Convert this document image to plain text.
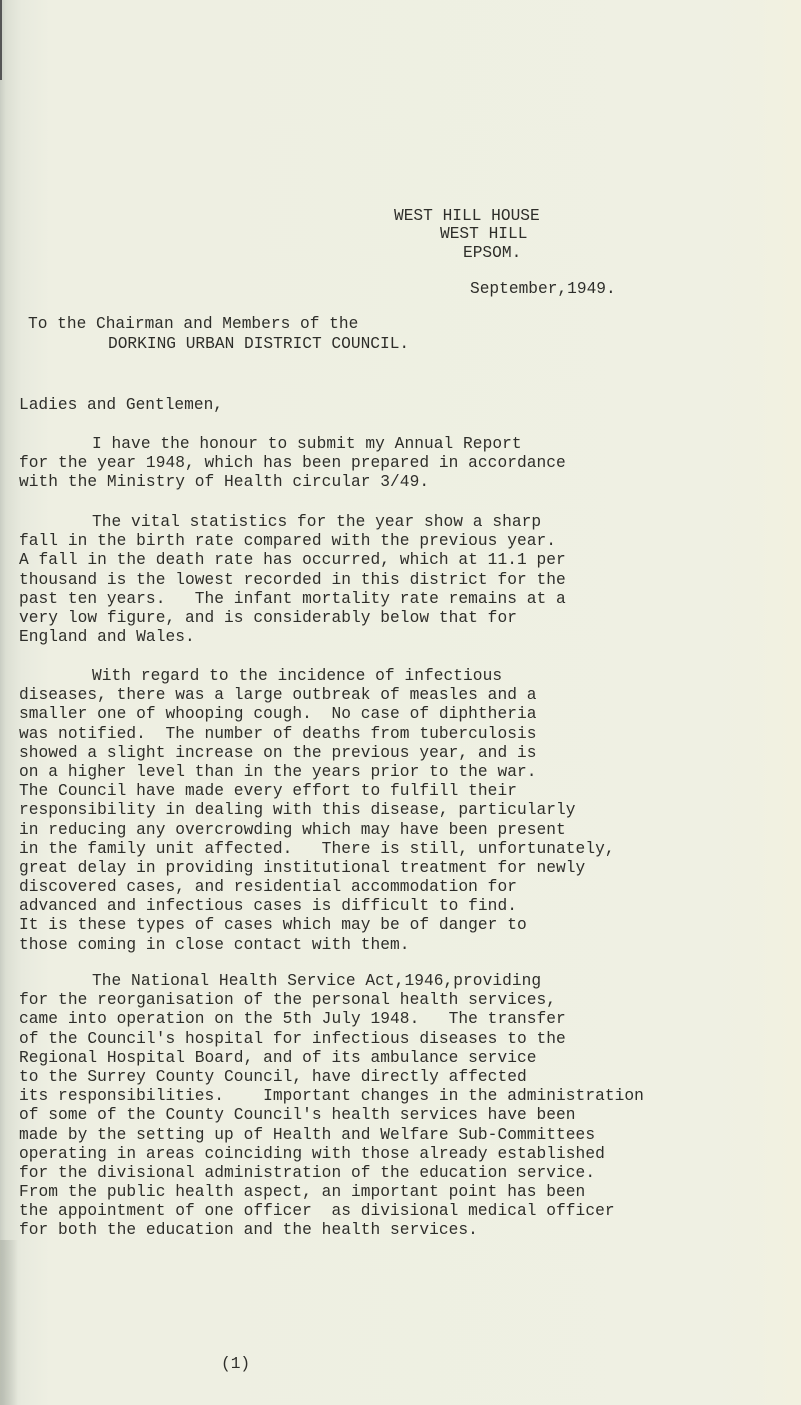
WEST HILL HOUSE
WEST HILL
EPSOM.
September,1949.
To the Chairman and Members of the
DORKING URBAN DISTRICT COUNCIL.
Ladies and Gentlemen,
I have the honour to submit my Annual Report
for the year 1948, which has been prepared in accordance
with the Ministry of Health circular 3/49.
The vital statistics for the year show a sharp
fall in the birth rate compared with the previous year.
A fall in the death rate has occurred, which at 11.1 per
thousand is the lowest recorded in this district for the
past ten years.   The infant mortality rate remains at a
very low figure, and is considerably below that for
England and Wales.
With regard to the incidence of infectious
diseases, there was a large outbreak of measles and a
smaller one of whooping cough.  No case of diphtheria
was notified.  The number of deaths from tuberculosis
showed a slight increase on the previous year, and is
on a higher level than in the years prior to the war.
The Council have made every effort to fulfill their
responsibility in dealing with this disease, particularly
in reducing any overcrowding which may have been present
in the family unit affected.   There is still, unfortunately,
great delay in providing institutional treatment for newly
discovered cases, and residential accommodation for
advanced and infectious cases is difficult to find.
It is these types of cases which may be of danger to
those coming in close contact with them.
The National Health Service Act,1946,providing
for the reorganisation of the personal health services,
came into operation on the 5th July 1948.   The transfer
of the Council's hospital for infectious diseases to the
Regional Hospital Board, and of its ambulance service
to the Surrey County Council, have directly affected
its responsibilities.    Important changes in the administration
of some of the County Council's health services have been
made by the setting up of Health and Welfare Sub-Committees
operating in areas coinciding with those already established
for the divisional administration of the education service.
From the public health aspect, an important point has been
the appointment of one officer  as divisional medical officer
for both the education and the health services.
(1)
